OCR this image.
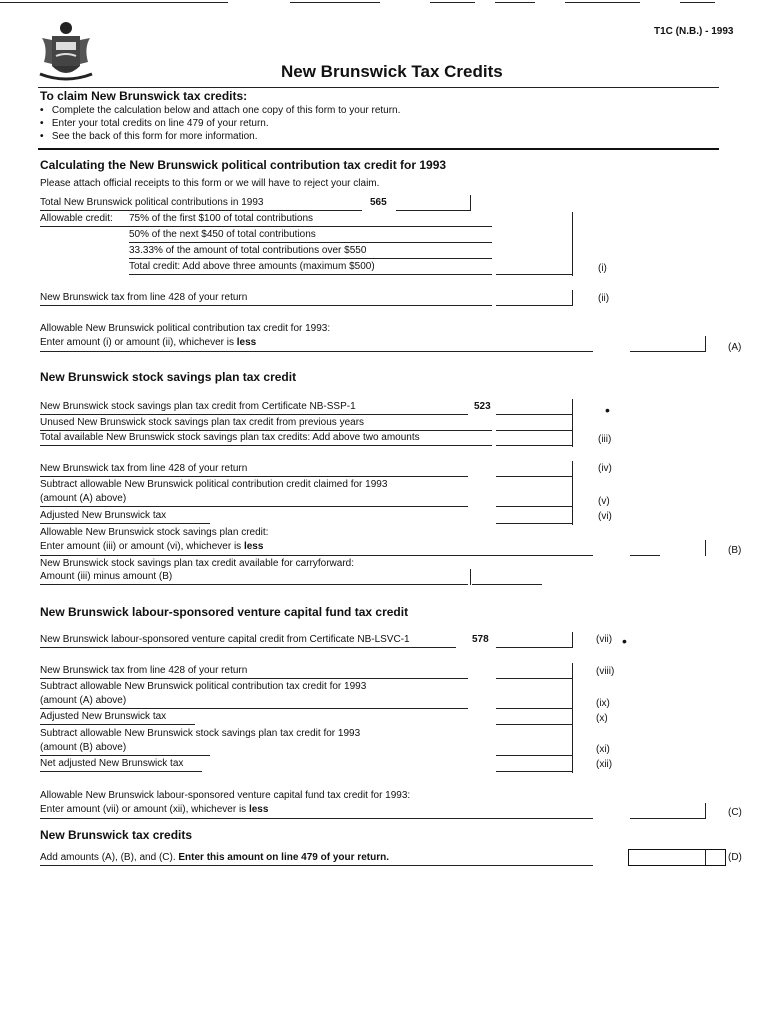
T1C (N.B.) - 1993
New Brunswick Tax Credits
To claim New Brunswick tax credits:
• Complete the calculation below and attach one copy of this form to your return.
• Enter your total credits on line 479 of your return.
• See the back of this form for more information.
Calculating the New Brunswick political contribution tax credit for 1993
Please attach official receipts to this form or we will have to reject your claim.
Total New Brunswick political contributions in 1993	565
Allowable credit: 75% of the first $100 of total contributions
50% of the next $450 of total contributions
33.33% of the amount of total contributions over $550
Total credit: Add above three amounts (maximum $500)	(i)
New Brunswick tax from line 428 of your return	(ii)
Allowable New Brunswick political contribution tax credit for 1993:
Enter amount (i) or amount (ii), whichever is less	(A)
New Brunswick stock savings plan tax credit
New Brunswick stock savings plan tax credit from Certificate NB-SSP-1	523	•
Unused New Brunswick stock savings plan tax credit from previous years
Total available New Brunswick stock savings plan tax credits: Add above two amounts	(iii)
New Brunswick tax from line 428 of your return	(iv)
Subtract allowable New Brunswick political contribution credit claimed for 1993
(amount (A) above)	(v)
Adjusted New Brunswick tax	(vi)
Allowable New Brunswick stock savings plan credit:
Enter amount (iii) or amount (vi), whichever is less	(B)
New Brunswick stock savings plan tax credit available for carryforward:
Amount (iii) minus amount (B)
New Brunswick labour-sponsored venture capital fund tax credit
New Brunswick labour-sponsored venture capital credit from Certificate NB-LSVC-1	578	(vii) •
New Brunswick tax from line 428 of your return	(viii)
Subtract allowable New Brunswick political contribution tax credit for 1993
(amount (A) above)	(ix)
Adjusted New Brunswick tax	(x)
Subtract allowable New Brunswick stock savings plan tax credit for 1993
(amount (B) above)	(xi)
Net adjusted New Brunswick tax	(xii)
Allowable New Brunswick labour-sponsored venture capital fund tax credit for 1993:
Enter amount (vii) or amount (xii), whichever is less	(C)
New Brunswick tax credits
Add amounts (A), (B), and (C). Enter this amount on line 479 of your return.	(D)
